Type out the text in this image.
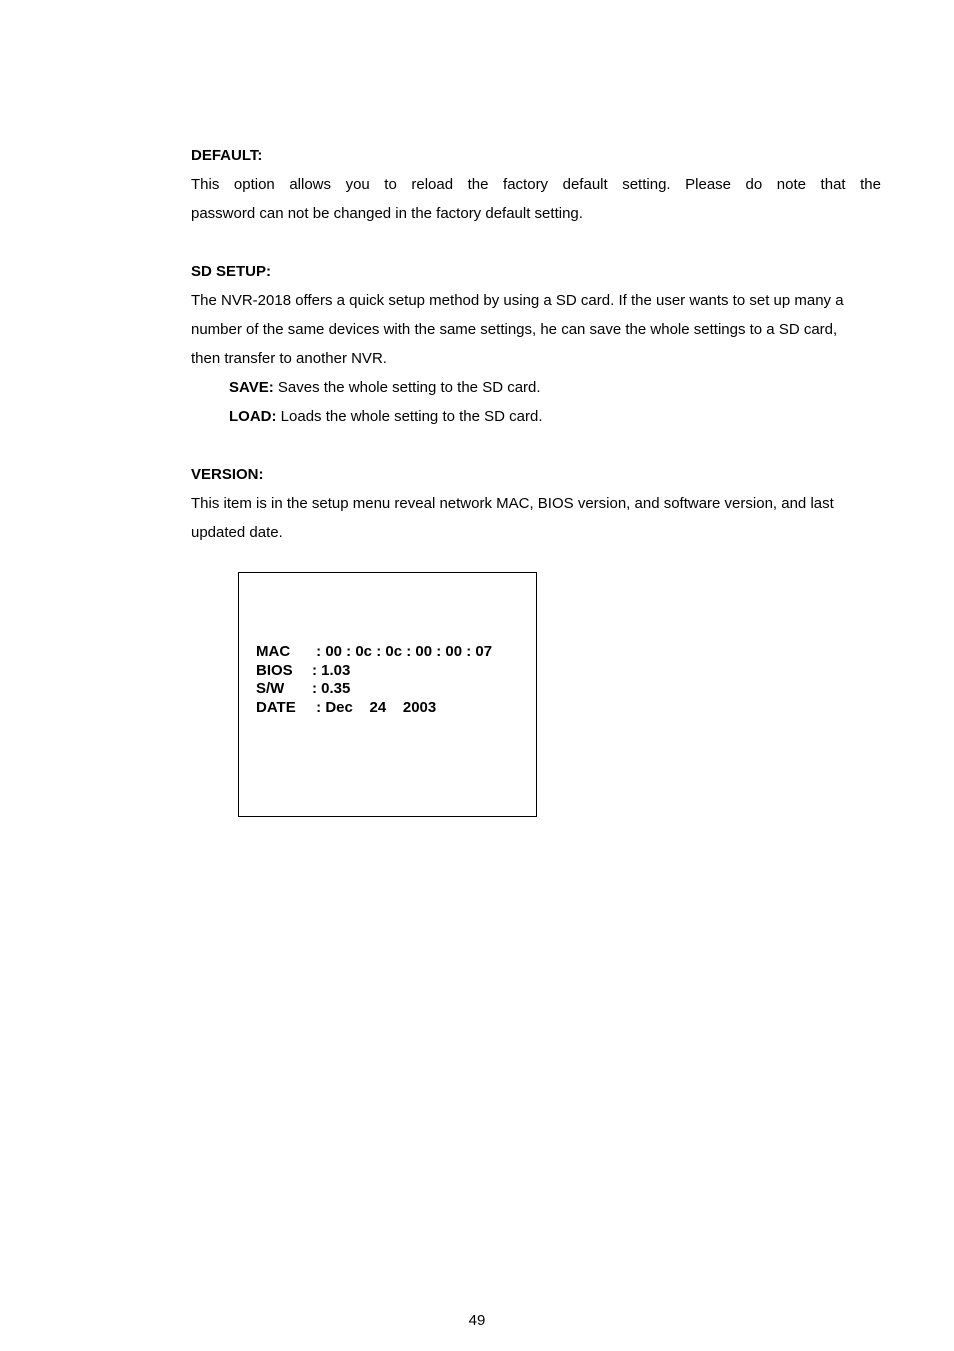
DEFAULT:

This option allows you to reload the factory default setting. Please do note that the

password can not be changed in the factory default setting.

SD SETUP:

The NVR-2018 offers a quick setup method by using a SD card. If the user wants to set up many a

number of the same devices with the same settings, he can save the whole settings to a SD card,

then transfer to another NVR.

SAVE: Saves the whole setting to the SD card.

LOAD: Loads the whole setting to the SD card.

VERSION:

This item is in the setup menu reveal network MAC, BIOS version, and software version, and last

updated date.

MAC	: 00 : 0c : 0c : 00 : 00 : 07
BIOS	: 1.03
S/W	: 0.35
DATE	: Dec    24    2003
49
